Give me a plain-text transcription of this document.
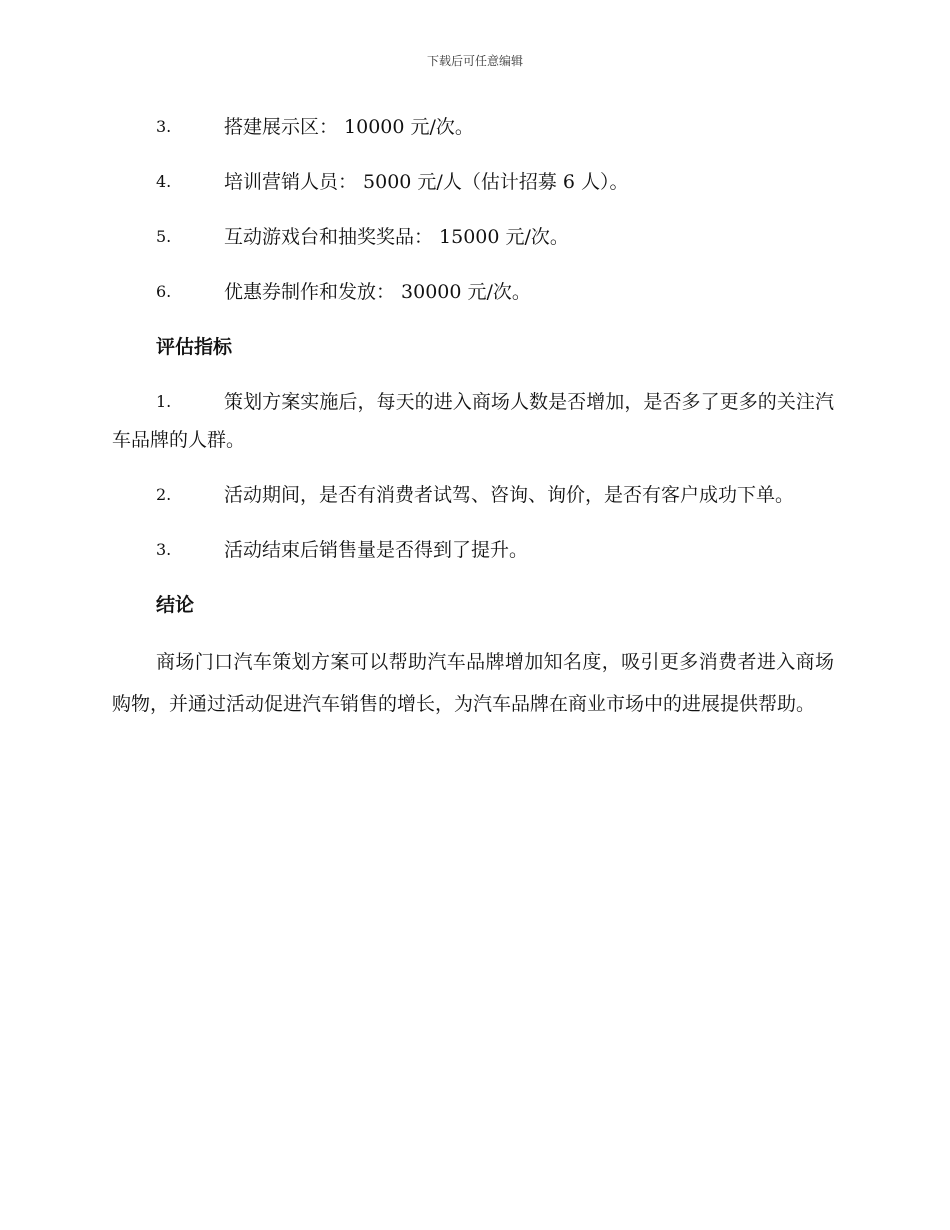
下载后可任意编辑
3.	搭建展示区： 10000 元/次。
4.	培训营销人员： 5000 元/人（估计招募 6 人）。
5.	互动游戏台和抽奖奖品： 15000 元/次。
6.	优惠券制作和发放： 30000 元/次。
评估指标
1.	策划方案实施后，每天的进入商场人数是否增加，是否多了更多的关注汽车品牌的人群。
2.	活动期间，是否有消费者试驾、咨询、询价，是否有客户成功下单。
3.	活动结束后销售量是否得到了提升。
结论
商场门口汽车策划方案可以帮助汽车品牌增加知名度，吸引更多消费者进入商场购物，并通过活动促进汽车销售的增长，为汽车品牌在商业市场中的进展提供帮助。
